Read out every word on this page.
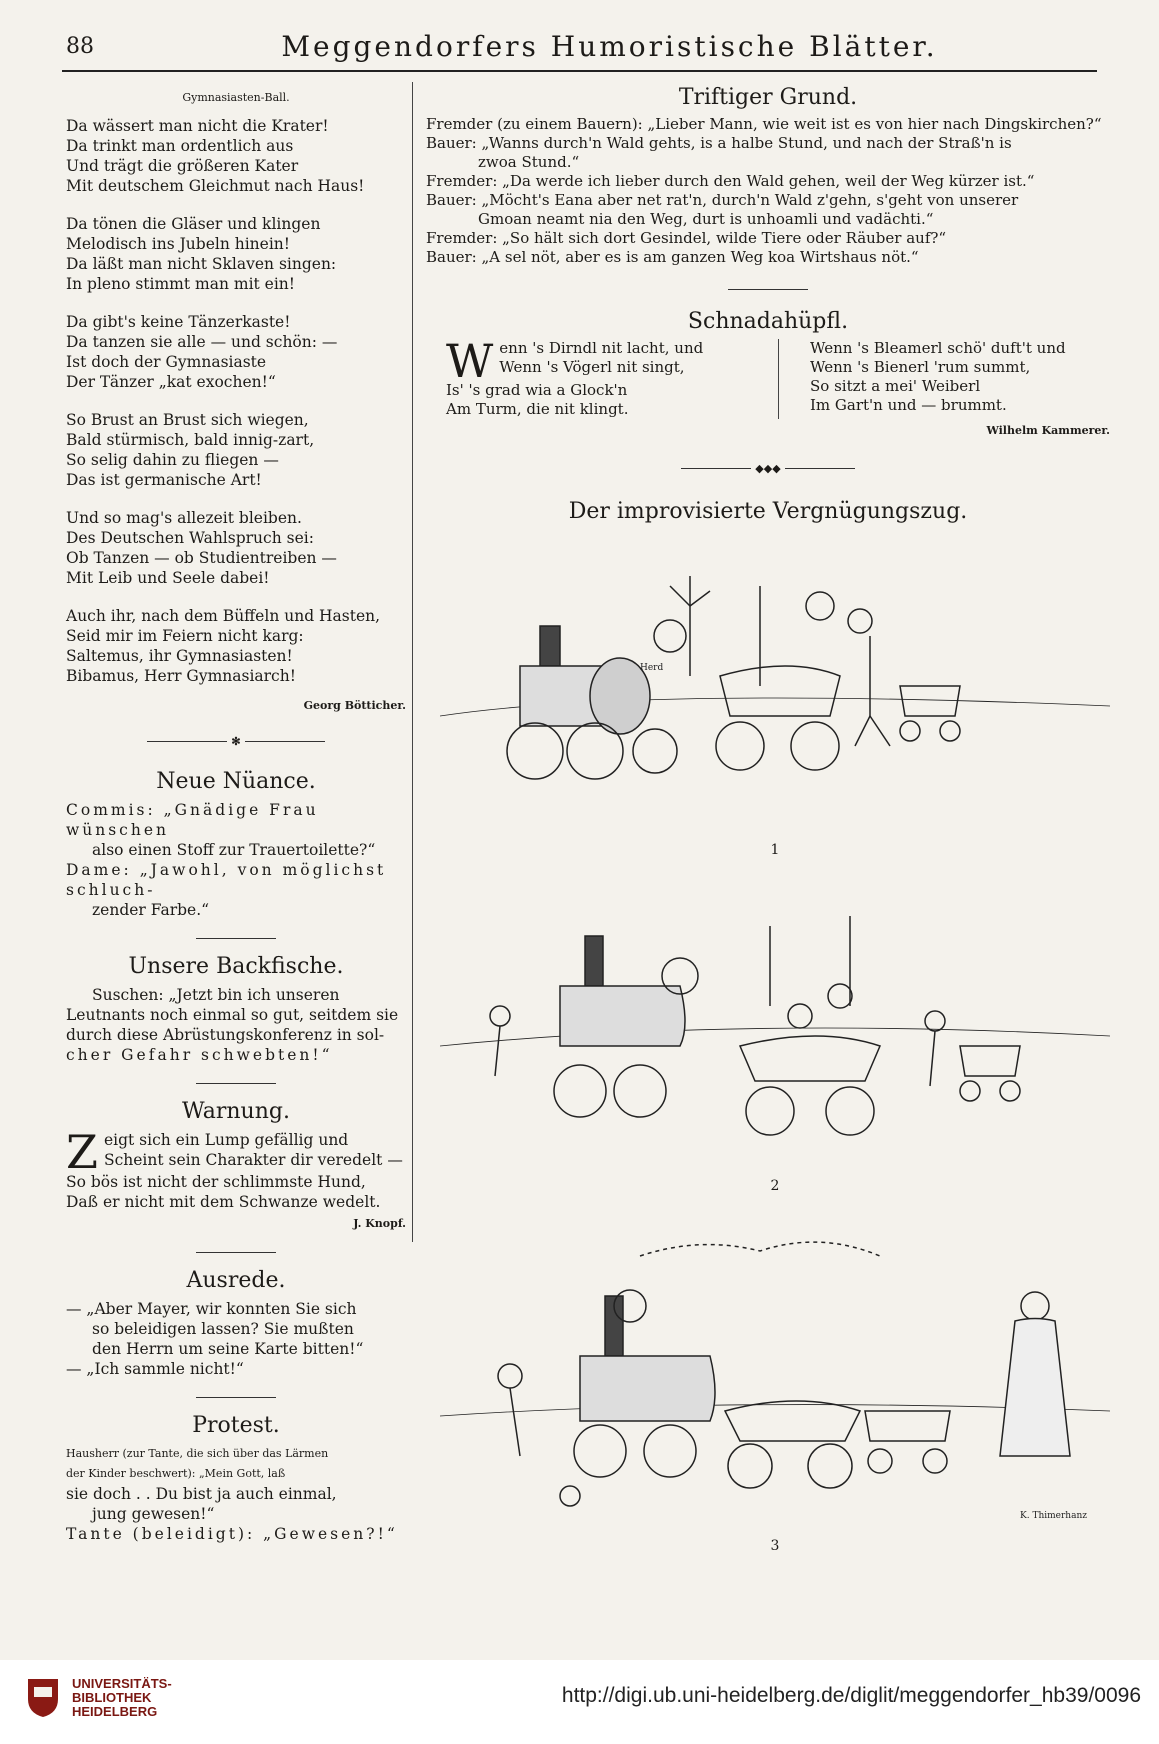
88	Meggendorfers Humoristische Blätter.
Gymnasiasten-Ball.
Da wässert man nicht die Krater!
Da trinkt man ordentlich aus
Und trägt die größeren Kater
Mit deutschem Gleichmut nach Haus!
Da tönen die Gläser und klingen
Melodisch ins Jubeln hinein!
Da läßt man nicht Sklaven singen:
In pleno stimmt man mit ein!
Da gibt's keine Tänzerkaste!
Da tanzen sie alle — und schön: —
Ist doch der Gymnasiaste
Der Tänzer „kat exochen!“
So Brust an Brust sich wiegen,
Bald stürmisch, bald innig-zart,
So selig dahin zu fliegen —
Das ist germanische Art!
Und so mag's allezeit bleiben.
Des Deutschen Wahlspruch sei:
Ob Tanzen — ob Studientreiben —
Mit Leib und Seele dabei!
Auch ihr, nach dem Büffeln und Hasten,
Seid mir im Feiern nicht karg:
Saltemus, ihr Gymnasiasten!
Bibamus, Herr Gymnasiarch!
Georg Bötticher.
✻
Neue Nüance.

Commis: „Gnädige Frau wünschen

also einen Stoff zur Trauertoilette?“

Dame: „Jawohl, von möglichst schluch-

zender Farbe.“

Unsere Backfische.

Suschen: „Jetzt bin ich unseren

Leutnants noch einmal so gut, seitdem sie

durch diese Abrüstungskonferenz in sol-

cher Gefahr schwebten!“

Warnung.
Z eigt sich ein Lump gefällig und

Scheint sein Charakter dir veredelt —

So bös ist nicht der schlimmste Hund,

Daß er nicht mit dem Schwanze wedelt.

J. Knopf.
Ausrede.

— „Aber Mayer, wir konnten Sie sich

so beleidigen lassen? Sie mußten

den Herrn um seine Karte bitten!“

— „Ich sammle nicht!“

Protest.

Hausherr (zur Tante, die sich über das Lärmen

der Kinder beschwert): „Mein Gott, laß

sie doch . . Du bist ja auch einmal,

jung gewesen!“

Tante (beleidigt): „Gewesen?!“

Triftiger Grund.

Fremder (zu einem Bauern): „Lieber Mann, wie weit ist es von hier nach Dingskirchen?“

Bauer: „Wanns durch'n Wald gehts, is a halbe Stund, und nach der Straß'n is

zwoa Stund.“

Fremder: „Da werde ich lieber durch den Wald gehen, weil der Weg kürzer ist.“

Bauer: „Möcht's Eana aber net rat'n, durch'n Wald z'gehn, s'geht von unserer

Gmoan neamt nia den Weg, durt is unhoamli und vadächti.“

Fremder: „So hält sich dort Gesindel, wilde Tiere oder Räuber auf?“

Bauer: „A sel nöt, aber es is am ganzen Weg koa Wirtshaus nöt.“

Schnadahüpfl.
W enn 's Dirndl nit lacht, und
Wenn 's Vögerl nit singt,
Is' 's grad wia a Glock'n
Am Turm, die nit klingt.
Wenn 's Bleamerl schö' duft't und
Wenn 's Bienerl 'rum summt,
So sitzt a mei' Weiberl
Im Gart'n und — brummt.
Wilhelm Kammerer.
◆◆◆
Der improvisierte Vergnügungszug.
Herd
1
2
K. Thimerhanz
3
UNIVERSITÄTS-
BIBLIOTHEK
HEIDELBERG
http://digi.ub.uni-heidelberg.de/diglit/meggendorfer_hb39/0096
